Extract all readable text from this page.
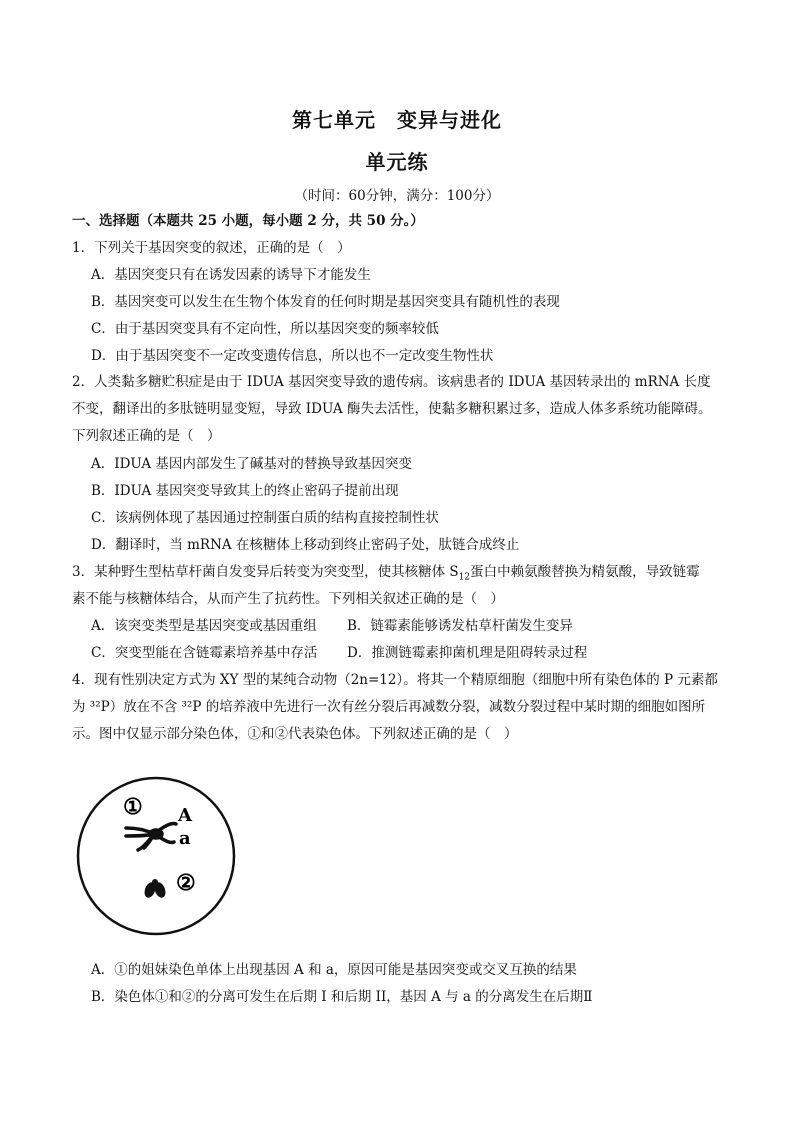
第七单元　变异与进化
单元练
（时间：60分钟，满分：100分）
一、选择题（本题共 25 小题，每小题 2 分，共 50 分。）
1．下列关于基因突变的叙述，正确的是（　）
A．基因突变只有在诱发因素的诱导下才能发生
B．基因突变可以发生在生物个体发育的任何时期是基因突变具有随机性的表现
C．由于基因突变具有不定向性，所以基因突变的频率较低
D．由于基因突变不一定改变遗传信息，所以也不一定改变生物性状
2．人类黏多糖贮积症是由于 IDUA 基因突变导致的遗传病。该病患者的 IDUA 基因转录出的 mRNA 长度不变，翻译出的多肽链明显变短，导致 IDUA 酶失去活性，使黏多糖积累过多，造成人体多系统功能障碍。下列叙述正确的是（　）
A．IDUA 基因内部发生了碱基对的替换导致基因突变
B．IDUA 基因突变导致其上的终止密码子提前出现
C．该病例体现了基因通过控制蛋白质的结构直接控制性状
D．翻译时，当 mRNA 在核糖体上移动到终止密码子处，肽链合成终止
3．某种野生型枯草杆菌自发变异后转变为突变型，使其核糖体 $S_{12}$蛋白中赖氨酸替换为精氨酸，导致链霉
素不能与核糖体结合，从而产生了抗药性。下列相关叙述正确的是（　）
A．该突变类型是基因突变或基因重组 B．链霉素能够诱发枯草杆菌发生变异
C．突变型能在含链霉素培养基中存活 D．推测链霉素抑菌机理是阻碍转录过程
4．现有性别决定方式为 XY 型的某纯合动物（2n=12）。将其一个精原细胞（细胞中所有染色体的 P 元素都为 ³²P）放在不含 ³²P 的培养液中先进行一次有丝分裂后再减数分裂，减数分裂过程中某时期的细胞如图所示。图中仅显示部分染色体，①和②代表染色体。下列叙述正确的是（　）
① A
a
②
A．①的姐妹染色单体上出现基因 A 和 a，原因可能是基因突变或交叉互换的结果
B．染色体①和②的分离可发生在后期 I 和后期 II，基因 A 与 a 的分离发生在后期Ⅱ
